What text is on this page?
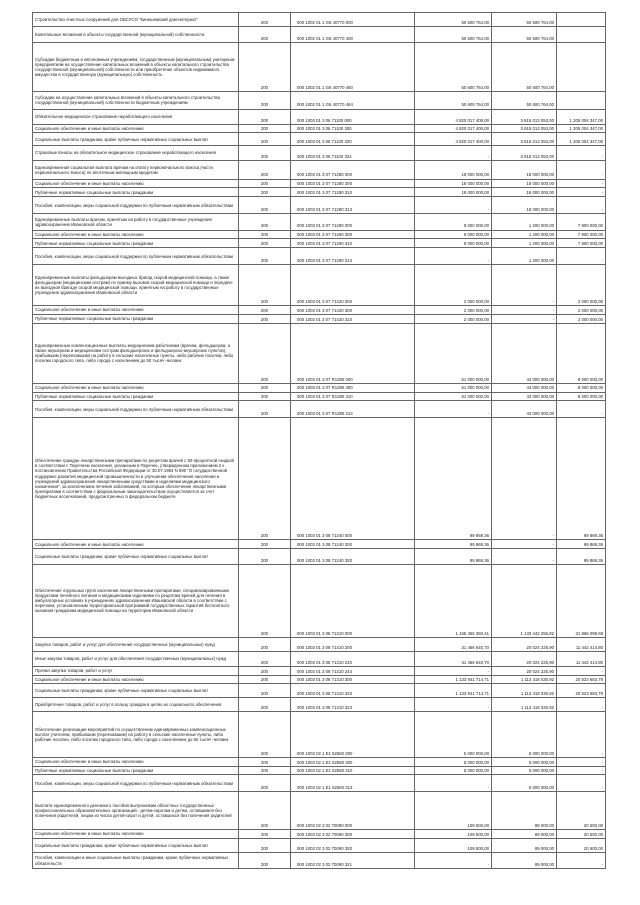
Строительство очистных сооружений для ОБСУСО "Кинешемский дом-интернат"	200	000 1002 01 1 G6 40770 000	50 600 764,00	50 600 764,00	
Капитальные вложения в объекты государственной (муниципальной) собственности	200	000 1002 01 1 G6 40770 400	50 600 764,00	50 600 764,00	
Субсидии бюджетным и автономным учреждениям, государственным (муниципальным) унитарным предприятиям на осуществление капитальных вложений в объекты капитального строительства государственной (муниципальной) собственности или приобретение объектов недвижимого имущества в государственную (муниципальную) собственность	200	000 1002 01 1 G6 40770 460	50 600 764,00	50 600 764,00	
Субсидии на осуществление капитальных вложений в объекты капитального строительства государственной (муниципальной) собственности бюджетным учреждениям	200	000 1002 01 1 G6 40770 464	50 600 764,00	50 600 764,00	
Обязательное медицинское страхование неработающего населения	200	000 1003 01 3 06 71100 000	4 820 017 400,00	3 615 013 053,00	1 205 004 347,00
Социальное обеспечение и иные выплаты населению	200	000 1003 01 3 06 71100 300	4 820 017 400,00	3 615 013 053,00	1 205 004 347,00
Социальные выплаты гражданам, кроме публичных нормативных социальных выплат	200	000 1003 01 3 06 71100 320	4 820 017 400,00	3 615 013 053,00	1 205 004 347,00
Страховые взносы на обязательное медицинское страхование неработающего населения	200	000 1003 01 3 06 71100 324	-	3 615 013 053,00	-
Единовременная социальная выплата врачам на оплату первоначального взноса (части первоначального взноса) по ипотечным жилищным кредитам	200	000 1003 01 3 07 71280 000	18 000 000,00	18 000 000,00	-
Социальное обеспечение и иные выплаты населению	200	000 1003 01 3 07 71280 300	18 000 000,00	18 000 000,00	-
Публичные нормативные социальные выплаты гражданам	200	000 1003 01 3 07 71280 310	18 000 000,00	18 000 000,00	-
Пособия, компенсации, меры социальной поддержки по публичным нормативным обязательствам	200	000 1003 01 3 07 71280 313	-	18 000 000,00	-
Единовременные выплаты врачам, принятым на работу в государственные учреждения здравоохранения Ивановской области	200	000 1003 01 3 07 71290 000	9 000 000,00	1 200 000,00	7 800 000,00
Социальное обеспечение и иные выплаты населению	200	000 1003 01 3 07 71290 300	9 000 000,00	1 200 000,00	7 800 000,00
Публичные нормативные социальные выплаты гражданам	200	000 1003 01 3 07 71290 310	9 000 000,00	1 200 000,00	7 800 000,00
Пособия, компенсации, меры социальной поддержки по публичным нормативным обязательствам	200	000 1003 01 3 07 71290 313	-	1 200 000,00	-
Единовременные выплаты фельдшерам выездных бригад скорой медицинской помощи, а также фельдшерам (медицинским сестрам) по приему вызовов скорой медицинской помощи и передаче их выездной бригаде скорой медицинской помощи, принятым на работу в государственные учреждения здравоохранения Ивановской области	200	000 1003 01 3 07 71420 000	2 000 000,00	-	2 000 000,00
Социальное обеспечение и иные выплаты населению	200	000 1003 01 3 07 71420 300	2 000 000,00	-	2 000 000,00
Публичные нормативные социальные выплаты гражданам	200	000 1003 01 3 07 71420 310	2 000 000,00	-	2 000 000,00
Единовременные компенсационные выплаты медицинским работникам (врачам, фельдшерам, а также акушеркам и медицинским сестрам фельдшерских и фельдшерско-акушерских пунктов), прибывшим (переехавшим) на работу в сельские населенные пункты, либо рабочие поселки, либо поселки городского типа, либо города с населением до 50 тысяч человек	200	000 1003 01 3 07 R1380 000	51 000 000,00	43 000 000,00	8 000 000,00
Социальное обеспечение и иные выплаты населению	200	000 1003 01 3 07 R1380 300	51 000 000,00	43 000 000,00	8 000 000,00
Публичные нормативные социальные выплаты гражданам	200	000 1003 01 3 07 R1380 310	51 000 000,00	43 000 000,00	8 000 000,00
Пособия, компенсации, меры социальной поддержки по публичным нормативным обязательствам	200	000 1003 01 3 07 R1380 313	-	43 000 000,00	-
Обеспечение граждан лекарственными препаратами по рецептам врачей с 50-процентной скидкой в соответствии с Перечнем населения, указанным в Перечне, утвержденном приложением 2 к постановлению Правительства Российской Федерации от 30.07.1994 N 890 "О государственной поддержке развития медицинской промышленности и улучшении обеспечения населения и учреждений здравоохранения лекарственными средствами и изделиями медицинского назначения", за исключением лечения заболеваний, по которым обеспечение лекарственными препаратами в соответствии с федеральным законодательством осуществляется за счет бюджетных ассигнований, предусмотренных в федеральном бюджете	200	000 1003 01 3 08 71240 000	99 869,36	-	99 869,36
Социальное обеспечение и иные выплаты населению	200	000 1003 01 3 08 71240 300	99 869,36	-	99 869,36
Социальные выплаты гражданам, кроме публичных нормативных социальных выплат	200	000 1003 01 3 08 71240 320	99 869,36	-	99 869,36
Обеспечение отдельных групп населения лекарственными препаратами, специализированными продуктами лечебного питания и медицинскими изделиями по рецептам врачей для лечения в амбулаторных условиях в учреждениях здравоохранения Ивановской области в соответствии с перечнем, установленным территориальной программой государственных гарантий бесплатного оказания гражданам медицинской помощи на территории Ивановской области	200	000 1003 01 3 08 71310 000	1 165 456 350,41	1 133 442 256,82	31 966 098,59
Закупка товаров, работ и услуг для обеспечения государственных (муниципальных) нужд	200	000 1003 01 3 08 71310 200	31 466 640,70	20 024 225,90	11 442 414,80
Иные закупки товаров, работ и услуг для обеспечения государственных (муниципальных) нужд	200	000 1003 01 3 08 71310 240	31 466 640,70	20 024 225,90	11 442 414,80
Прочая закупка товаров, работ и услуг	200	000 1003 01 3 08 71310 244	-	20 024 225,90	-
Социальное обеспечение и иные выплаты населению	200	000 1003 01 3 08 71310 300	1 133 941 714,71	1 113 418 030,92	20 523 683,79
Социальные выплаты гражданам, кроме публичных нормативных социальных выплат	200	000 1003 01 3 08 71310 320	1 133 941 714,71	1 113 418 030,92	20 523 683,79
Приобретение товаров, работ и услуг в пользу граждан в целях их социального обеспечения	200	000 1003 01 3 08 71310 323	-	1 113 418 030,92	-
Обеспечение реализации мероприятий по осуществлению единовременных компенсационных выплат учителям, прибывшим (переехавшим) на работу в сельские населенные пункты, либо рабочие поселки, либо поселки городского типа, либо города с населением до 50 тысяч человек	200	000 1003 02 1 Е1 52560 000	5 000 000,00	5 000 000,00	-
Социальное обеспечение и иные выплаты населению	200	000 1003 02 1 Е1 52560 300	5 000 000,00	5 000 000,00	-
Публичные нормативные социальные выплаты гражданам	200	000 1003 02 1 Е1 52560 310	5 000 000,00	5 000 000,00	-
Пособия, компенсации, меры социальной поддержки по публичным нормативным обязательствам	200	000 1003 02 1 Е1 52560 313	-	5 000 000,00	-
Выплата единовременного денежного пособия выпускникам областных государственных профессиональных образовательных организаций - детям-сиротам и детям, оставшимся без попечения родителей, лицам из числа детей-сирот и детей, оставшихся без попечения родителей	200	000 1003 02 3 02 70090 000	109 500,00	89 000,00	20 500,00
Социальное обеспечение и иные выплаты населению	200	000 1003 02 3 02 70090 300	109 500,00	89 000,00	20 500,00
Социальные выплаты гражданам, кроме публичных нормативных социальных выплат	200	000 1003 02 3 02 70090 320	109 500,00	89 000,00	20 500,00
Пособия, компенсации и иные социальные выплаты гражданам, кроме публичных нормативных обязательств	200	000 1003 02 3 02 70090 321	-	89 000,00	-
